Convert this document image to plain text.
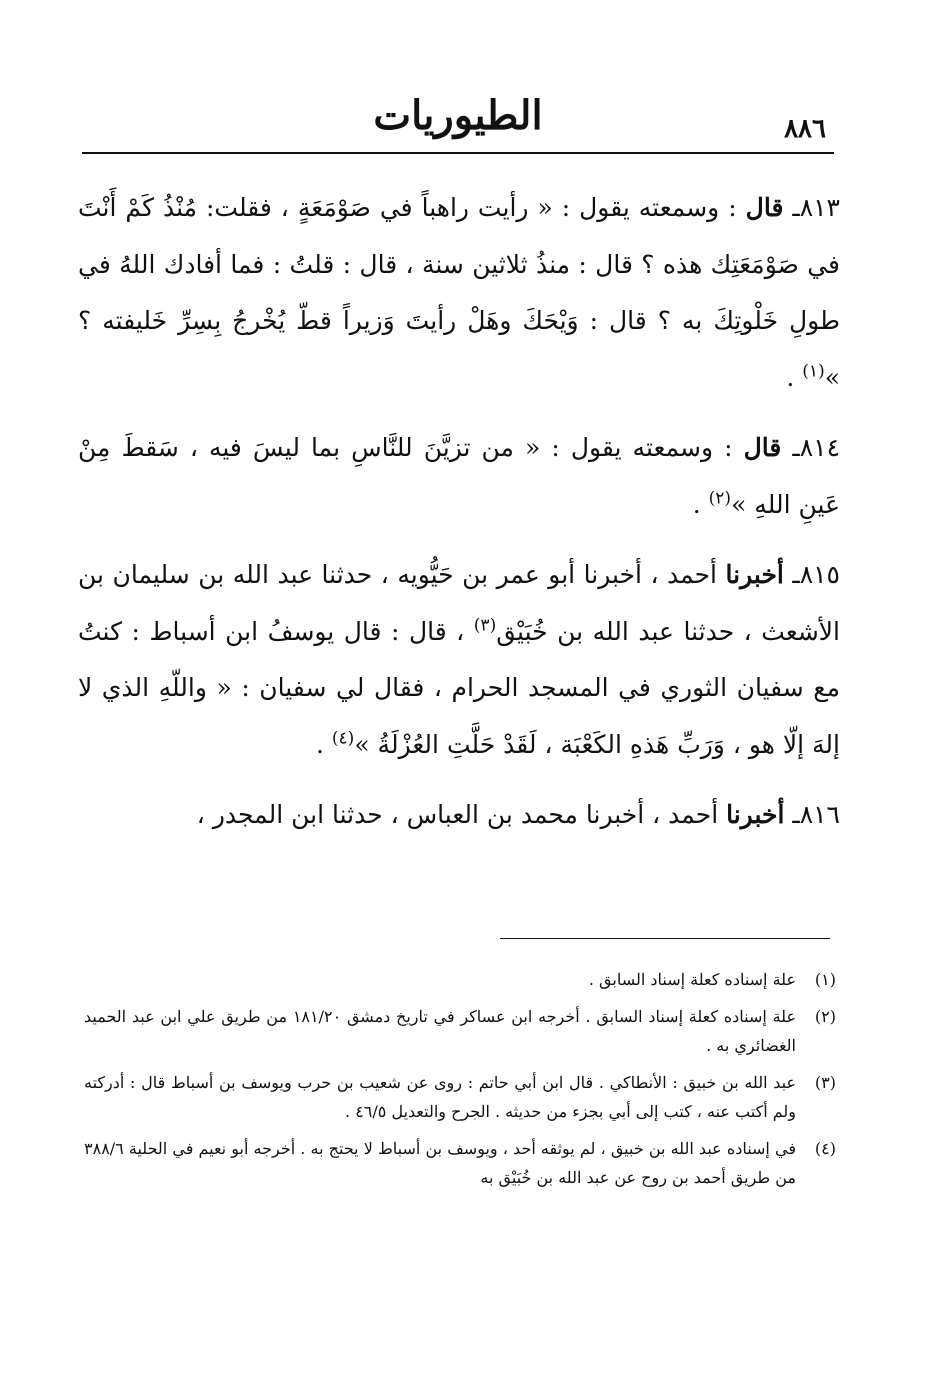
٨٨٦
الطيوريات

٨١٣ـ قال : وسمعته يقول : « رأيت راهباً في صَوْمَعَةٍ ، فقلت: مُنْذُ كَمْ أَنْتَ في صَوْمَعَتِك هذه ؟ قال : منذُ ثلاثين سنة ، قال : قلتُ : فما أفادك اللهُ في طولِ خَلْوتِكَ به ؟ قال : وَيْحَكَ وهَلْ رأيتَ وَزيراً قطّ يُخْرجُ بِسِرِّ خَليفته ؟ »$^{(١)}$ .

٨١٤ـ قال : وسمعته يقول : « من تزيَّنَ للنَّاسِ بما ليسَ فيه ، سَقطَ مِنْ عَينِ اللهِ »$^{(٢)}$ .

٨١٥ـ أخبرنا أحمد ، أخبرنا أبو عمر بن حَيُّويه ، حدثنا عبد الله بن سليمان بن الأشعث ، حدثنا عبد الله بن خُبَيْق$^{(٣)}$ ، قال : قال يوسفُ ابن أسباط : كنتُ مع سفيان الثوري في المسجد الحرام ، فقال لي سفيان : « واللّهِ الذي لا إلهَ إلّا هو ، وَرَبِّ هَذهِ الكَعْبَة ، لَقَدْ حَلَّتِ العُزْلَةُ »$^{(٤)}$ .

٨١٦ـ أخبرنا أحمد ، أخبرنا محمد بن العباس ، حدثنا ابن المجدر ،

(١)
علة إسناده كعلة إسناد السابق .
(٢)
علة إسناده كعلة إسناد السابق . أخرجه ابن عساكر في تاريخ دمشق ١٨١/٢٠ من طريق علي ابن عبد الحميد الغضائري به .
(٣)
عبد الله بن خبيق : الأنطاكي . قال ابن أبي حاتم : روى عن شعيب بن حرب ويوسف بن أسباط قال : أدركته ولم أكتب عنه ، كتب إلى أبي بجزء من حديثه . الجرح والتعديل ٤٦/٥ .
(٤)
في إسناده عبد الله بن خبيق ، لم يوثقه أحد ، ويوسف بن أسباط لا يحتج به . أخرجه أبو نعيم في الحلية ٣٨٨/٦ من طريق أحمد بن روح عن عبد الله بن خُبَيْق به
